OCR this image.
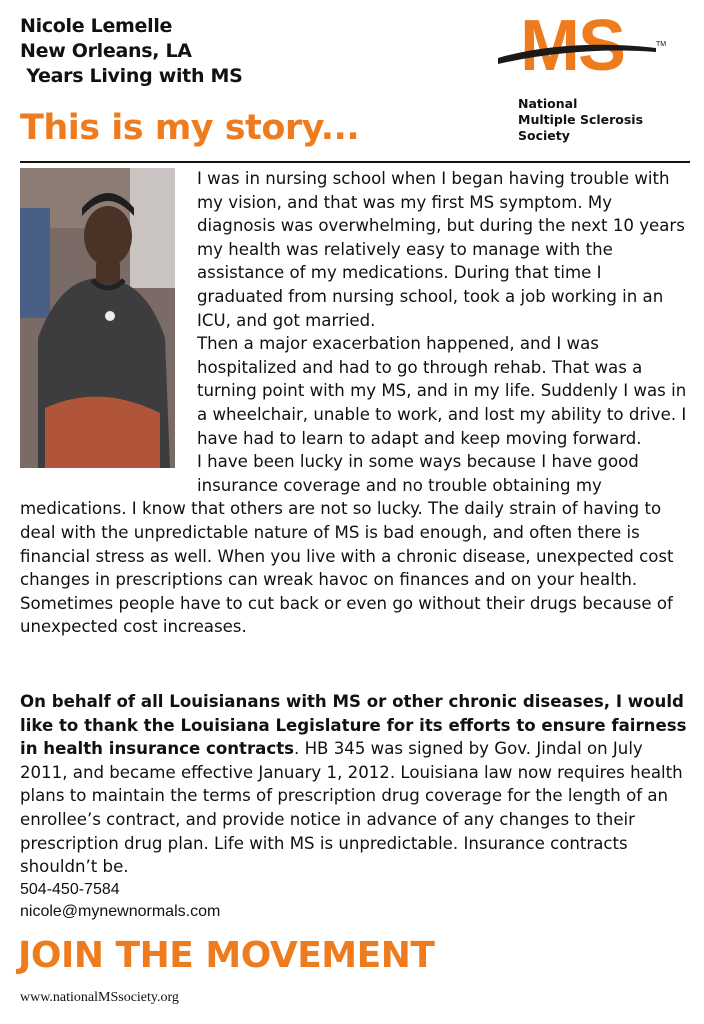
Nicole Lemelle
New Orleans, LA
Years Living with MS
This is my story...
MS	TM
National
Multiple Sclerosis
Society

I was in nursing school when I began having trouble with my vision, and that was my first MS symptom. My diagnosis was overwhelming, but during the next 10 years my health was relatively easy to manage with the assistance of my medications. During that time I graduated from nursing school, took a job working in an ICU, and got married.

Then a major exacerbation happened, and I was hospitalized and had to go through rehab. That was a turning point with my MS, and in my life. Suddenly I was in a wheelchair, unable to work, and lost my ability to drive. I have had to learn to adapt and keep moving forward.

I have been lucky in some ways because I have good insurance coverage and no trouble obtaining my medications. I know that others are not so lucky. The daily strain of having to deal with the unpredictable nature of MS is bad enough, and often there is financial stress as well. When you live with a chronic disease, unexpected cost changes in prescriptions can wreak havoc on finances and on your health. Sometimes people have to cut back or even go without their drugs because of unexpected cost increases.

On behalf of all Louisianans with MS or other chronic diseases, I would like to thank the Louisiana Legislature for its efforts to ensure fairness in health insurance contracts. HB 345 was signed by Gov. Jindal on July 2011, and became effective January 1, 2012. Louisiana law now requires health plans to maintain the terms of prescription drug coverage for the length of an enrollee’s contract, and provide notice in advance of any changes to their prescription drug plan. Life with MS is unpredictable. Insurance contracts shouldn’t be.

504-450-7584
nicole@mynewnormals.com
JOIN THE MOVEMENT
www.nationalMSsociety.org
